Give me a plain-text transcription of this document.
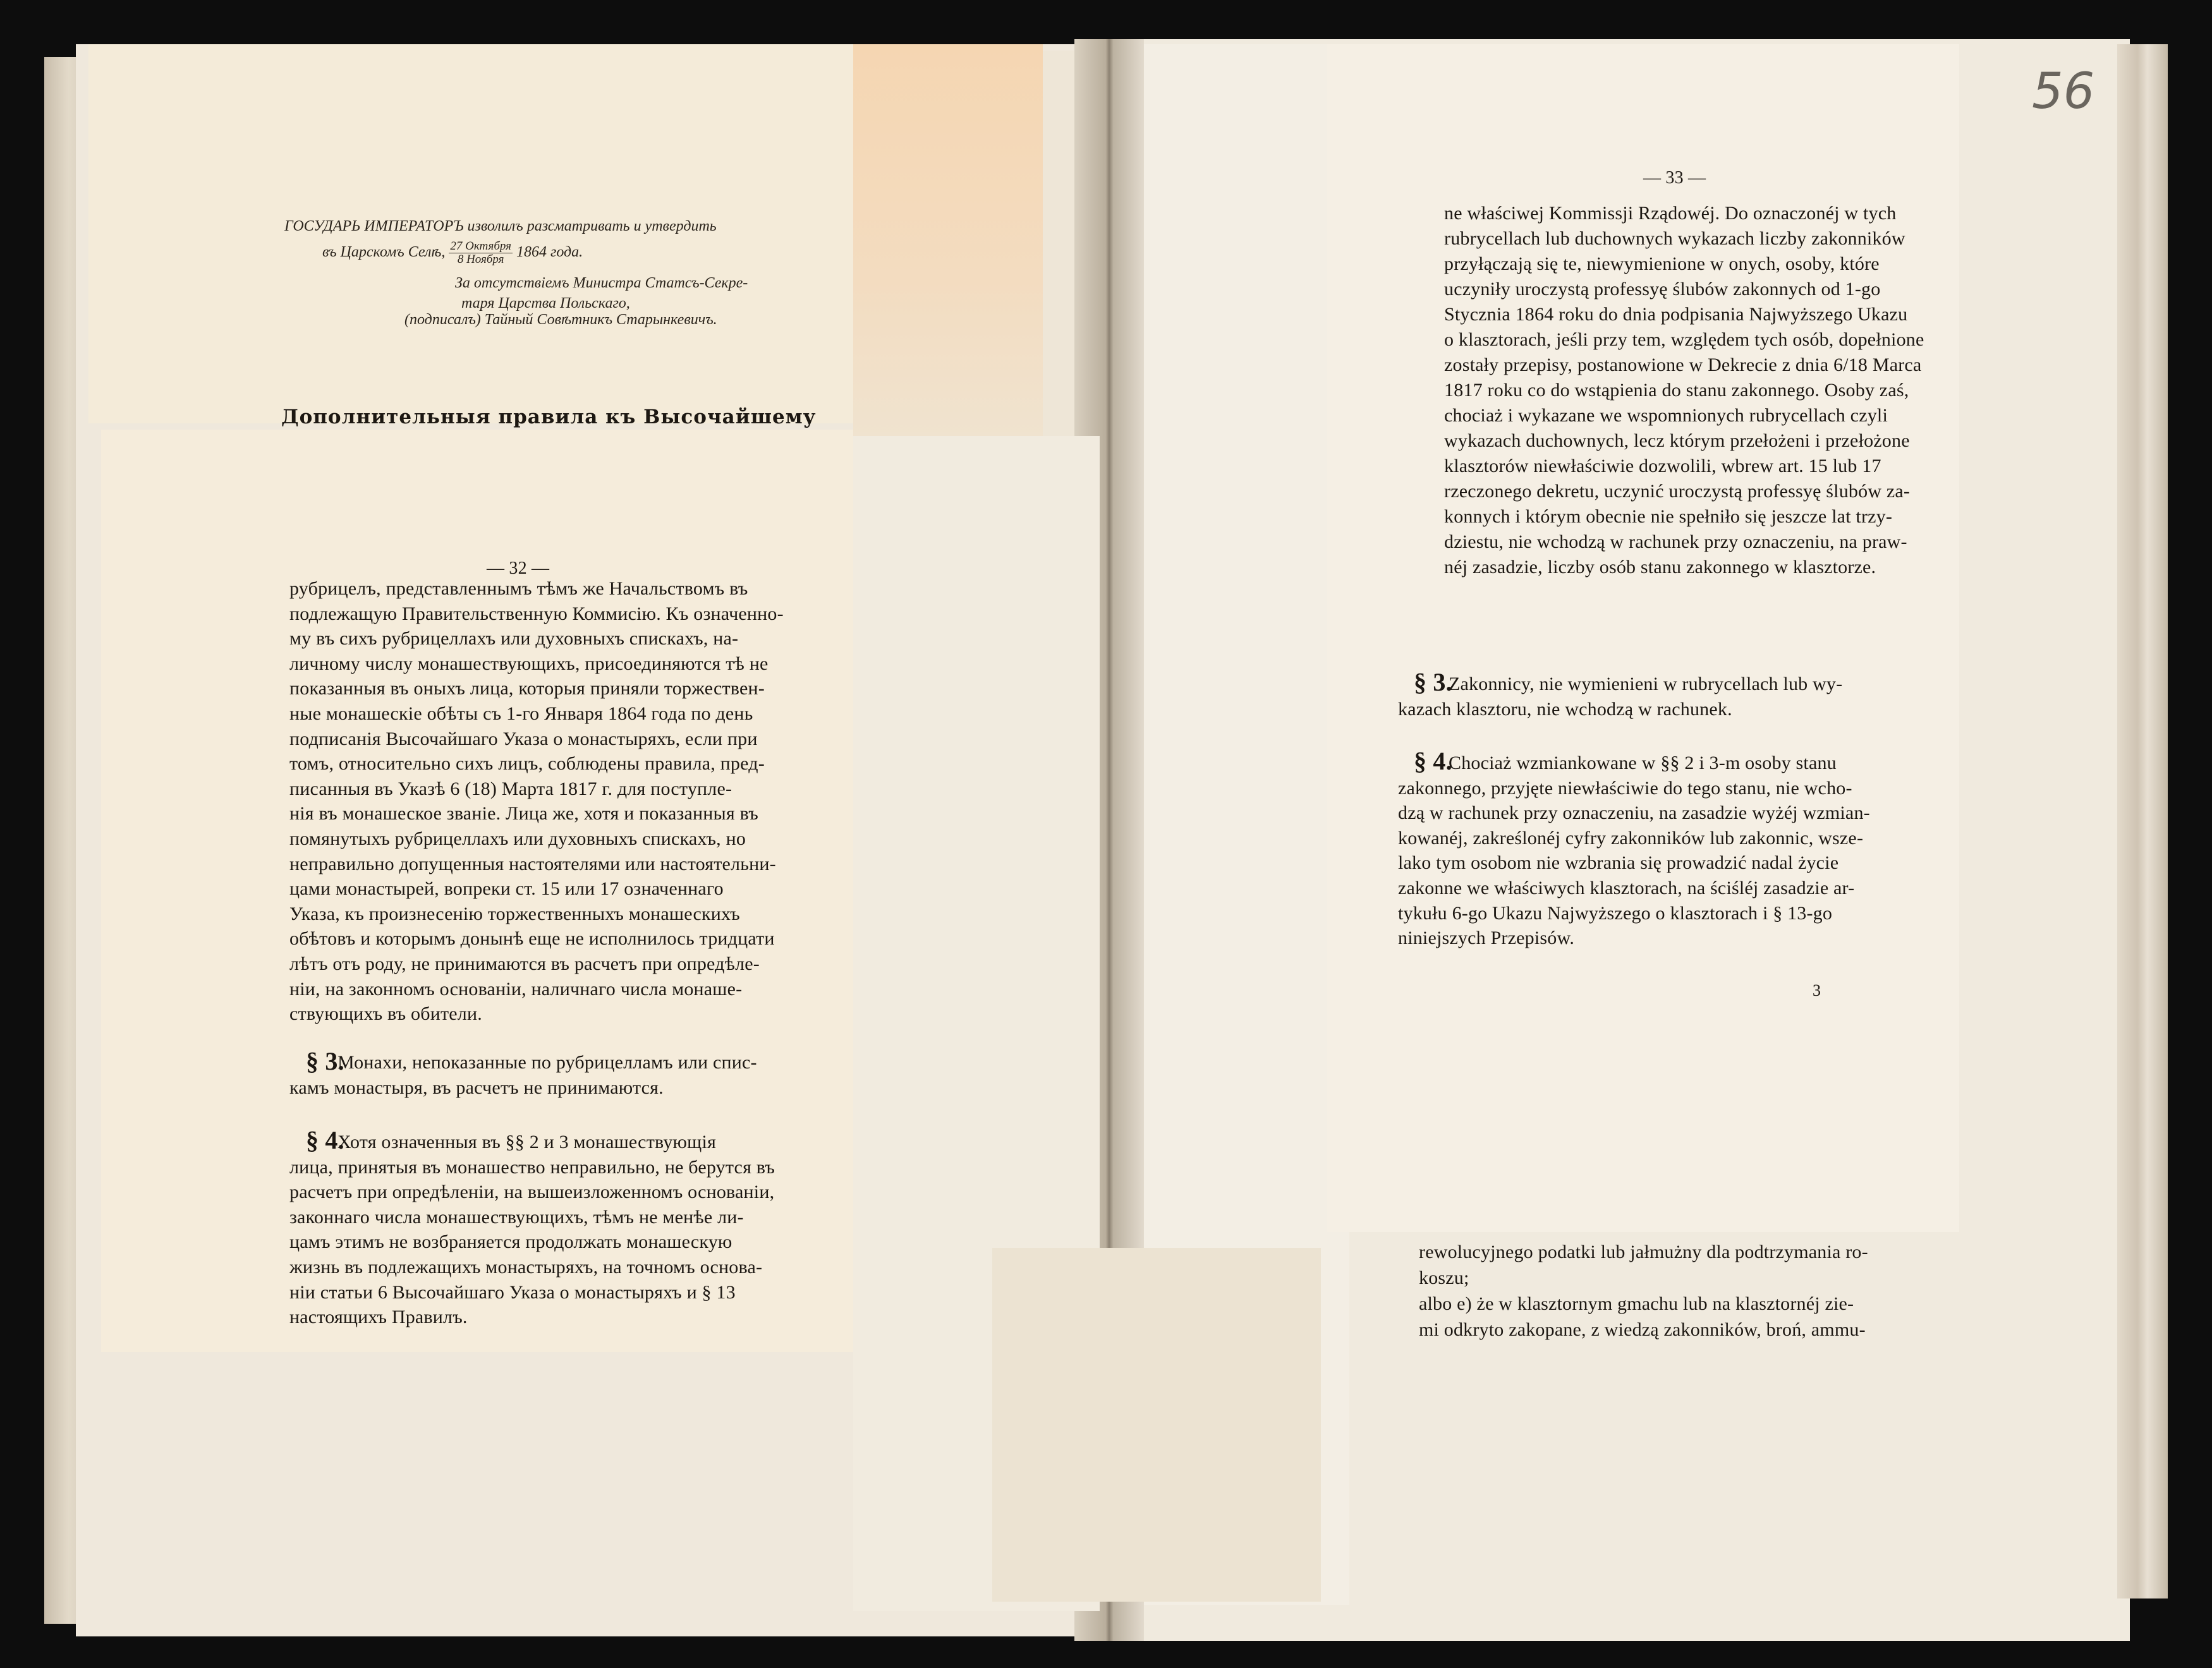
ГОСУДАРЬ ИМПЕРАТОРЪ изволилъ разсматривать и утвердить
въ Царскомъ Селѣ, $\frac{\text{27 Октября}}{\text{8 Ноября}} 1864$ года.
За отсутствіемъ Министра Статсъ-Секре-
таря Царства Польскаго,
(подписалъ) Тайный Совѣтникъ Старынкевичъ.
Дополнительныя правила къ Высочайшему
— 32 —
рубрицелъ, представленнымъ тѣмъ же Начальствомъ въ
подлежащую Правительственную Коммисію. Къ означенно-
му въ сихъ рубрицеллахъ или духовныхъ спискахъ, на-
личному числу монашествующихъ, присоединяются тѣ не
показанныя въ оныхъ лица, которыя приняли торжествен-
ные монашескіе обѣты съ 1-го Января 1864 года по день
подписанія Высочайшаго Указа о монастыряхъ, если при
томъ, относительно сихъ лицъ, соблюдены правила, пред-
писанныя въ Указѣ 6 (18) Марта 1817 г. для поступле-
нія въ монашеское званіе. Лица же, хотя и показанныя въ
помянутыхъ рубрицеллахъ или духовныхъ спискахъ, но
неправильно допущенныя настоятелями или настоятельни-
цами монастырей, вопреки ст. 15 или 17 означеннаго
Указа, къ произнесенію торжественныхъ монашескихъ
обѣтовъ и которымъ донынѣ еще не исполнилось тридцати
лѣтъ отъ роду, не принимаются въ расчетъ при опредѣле-
ніи, на законномъ основаніи, наличнаго числа монаше-
ствующихъ въ обители.
§ 3.
Монахи, непоказанные по рубрицелламъ или спис-
камъ монастыря, въ расчетъ не принимаются.
§ 4.
Хотя означенныя въ §§ 2 и 3 монашествующія
лица, принятыя въ монашество неправильно, не берутся въ
расчетъ при опредѣленіи, на вышеизложенномъ основаніи,
законнаго числа монашествующихъ, тѣмъ не менѣе ли-
цамъ этимъ не возбраняется продолжать монашескую
жизнь въ подлежащихъ монастыряхъ, на точномъ основа-
ніи статьи 6 Высочайшаго Указа о монастыряхъ и § 13
настоящихъ Правилъ.
56
— 33 —
ne właściwej Kommissji Rządowéj. Do oznaczonéj w tych
rubrycellach lub duchownych wykazach liczby zakonników
przyłączają się te, niewymienione w onych, osoby, które
uczyniły uroczystą professyę ślubów zakonnych od 1-go
Stycznia 1864 roku do dnia podpisania Najwyższego Ukazu
o klasztorach, jeśli przy tem, względem tych osób, dopełnione
zostały przepisy, postanowione w Dekrecie z dnia 6/18 Marca
1817 roku co do wstąpienia do stanu zakonnego. Osoby zaś,
chociaż i wykazane we wspomnionych rubrycellach czyli
wykazach duchownych, lecz którym przełożeni i przełożone
klasztorów niewłaściwie dozwolili, wbrew art. 15 lub 17
rzeczonego dekretu, uczynić uroczystą professyę ślubów za-
konnych i którym obecnie nie spełniło się jeszcze lat trzy-
dziestu, nie wchodzą w rachunek przy oznaczeniu, na praw-
néj zasadzie, liczby osób stanu zakonnego w klasztorze.
§ 3.
Zakonnicy, nie wymienieni w rubrycellach lub wy-
kazach klasztoru, nie wchodzą w rachunek.
§ 4.
Chociaż wzmiankowane w §§ 2 i 3-m osoby stanu
zakonnego, przyjęte niewłaściwie do tego stanu, nie wcho-
dzą w rachunek przy oznaczeniu, na zasadzie wyżéj wzmian-
kowanéj, zakreślonéj cyfry zakonników lub zakonnic, wsze-
lako tym osobom nie wzbrania się prowadzić nadal życie
zakonne we właściwych klasztorach, na ściśléj zasadzie ar-
tykułu 6-go Ukazu Najwyższego o klasztorach i § 13-go
niniejszych Przepisów.
3
rewolucyjnego podatki lub jałmużny dla podtrzymania ro-
koszu;
albo e) że w klasztornym gmachu lub na klasztornéj zie-
mi odkryto zakopane, z wiedzą zakonników, broń, ammu-
